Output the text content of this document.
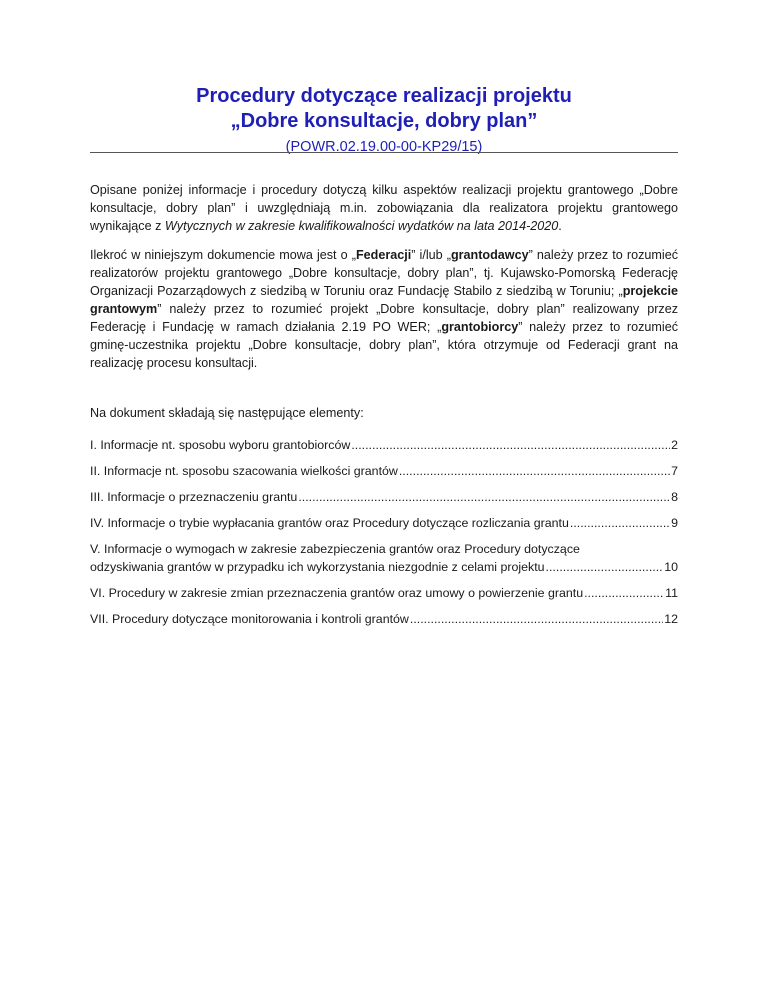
Procedury dotyczące realizacji projektu
„Dobre konsultacje, dobry plan”
(POWR.02.19.00-00-KP29/15)
Opisane poniżej informacje i procedury dotyczą kilku aspektów realizacji projektu grantowego „Dobre konsultacje, dobry plan” i uwzględniają m.in. zobowiązania dla realizatora projektu grantowego wynikające z Wytycznych w zakresie kwalifikowalności wydatków na lata 2014-2020.
Ilekroć w niniejszym dokumencie mowa jest o „Federacji” i/lub „grantodawcy” należy przez to rozumieć realizatorów projektu grantowego „Dobre konsultacje, dobry plan”, tj. Kujawsko-Pomorską Federację Organizacji Pozarządowych z siedzibą w Toruniu oraz Fundację Stabilo z siedzibą w Toruniu; „projekcie grantowym” należy przez to rozumieć projekt „Dobre konsultacje, dobry plan” realizowany przez Federację i Fundację w ramach działania 2.19 PO WER; „grantobiorcy” należy przez to rozumieć gminę-uczestnika projektu „Dobre konsultacje, dobry plan”, która otrzymuje od Federacji grant na realizację procesu konsultacji.
Na dokument składają się następujące elementy:
I. Informacje nt. sposobu wyboru grantobiorców .....	2
II. Informacje nt. sposobu szacowania wielkości grantów .....	7
III. Informacje o przeznaczeniu grantu .....	8
IV. Informacje o trybie wypłacania grantów oraz Procedury dotyczące rozliczania grantu .....	9
V. Informacje o wymogach w zakresie zabezpieczenia grantów oraz Procedury dotyczące
odzyskiwania grantów w przypadku ich wykorzystania niezgodnie z celami projektu .....	10
VI. Procedury w zakresie zmian przeznaczenia grantów oraz umowy o powierzenie grantu .....	11
VII. Procedury dotyczące monitorowania i kontroli grantów .....	12
